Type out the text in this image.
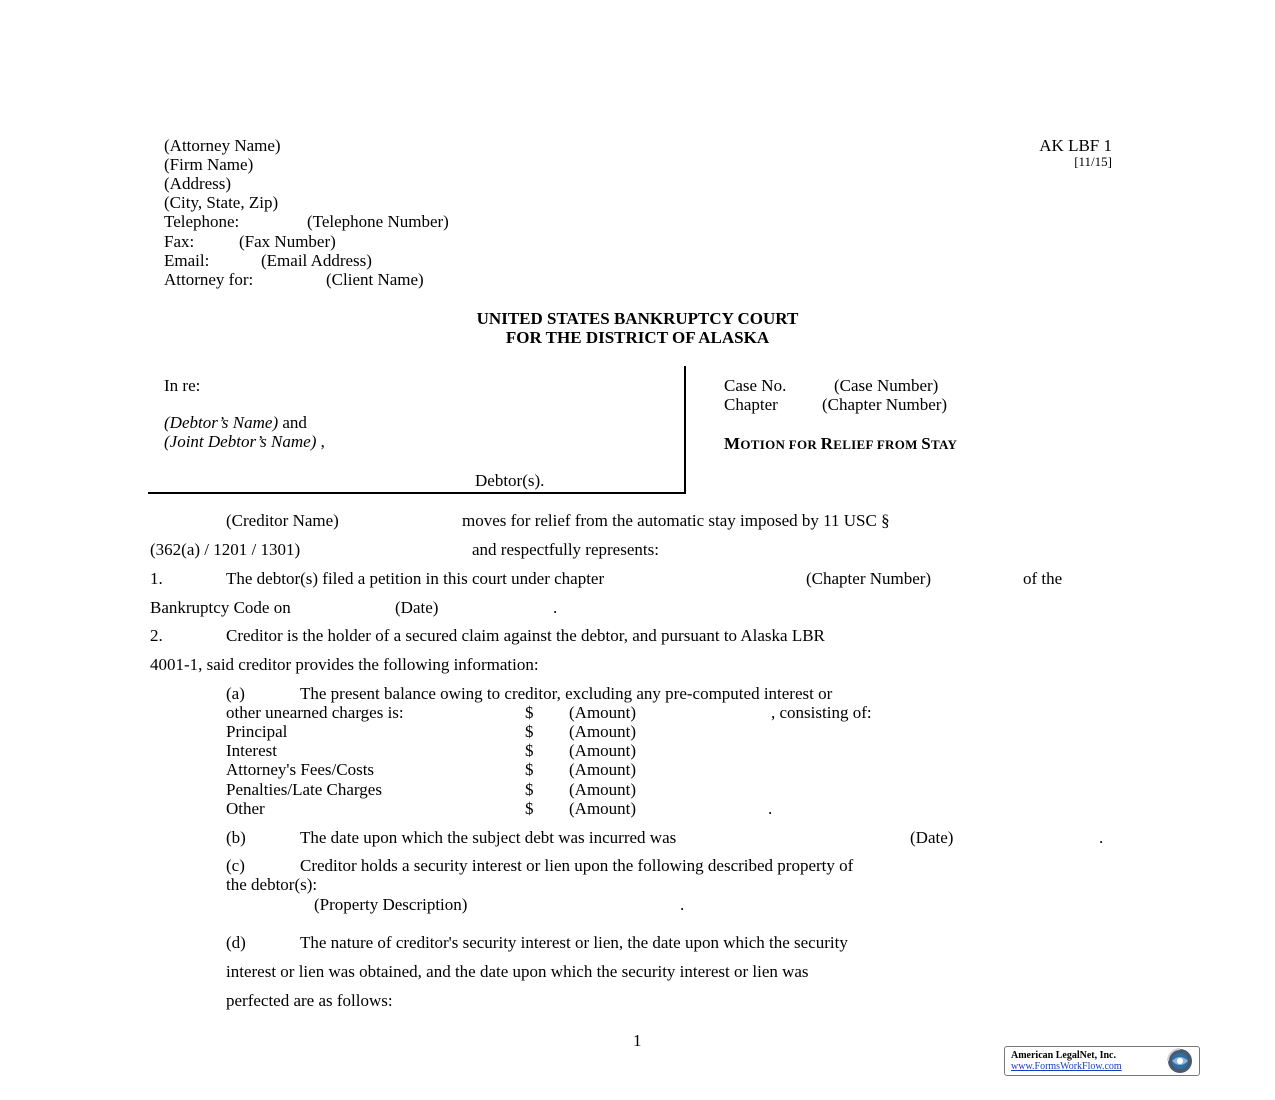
(Attorney Name)
(Firm Name)
(Address)
(City, State, Zip)
Telephone:	(Telephone Number)
Fax:	(Fax Number)
Email:	(Email Address)
Attorney for:	(Client Name)
AK LBF 1
[11/15]
UNITED STATES BANKRUPTCY COURT
FOR THE DISTRICT OF ALASKA
In re:
(Debtor’s Name) and
(Joint Debtor’s Name) ,
Debtor(s).
Case No.	(Case Number)
Chapter	(Chapter Number)
MOTION FOR RELIEF FROM STAY
(Creditor Name)	moves for relief from the automatic stay imposed by 11 USC §
(362(a) / 1201 / 1301)	and respectfully represents:
1.	The debtor(s) filed a petition in this court under chapter	(Chapter Number)	of the
Bankruptcy Code on	(Date)	.
2.	Creditor is the holder of a secured claim against the debtor, and pursuant to Alaska LBR
4001-1, said creditor provides the following information:
(a)	The present balance owing to creditor, excluding any pre-computed interest or
other unearned charges is:	$ (Amount)	, consisting of:
Principal	$ (Amount)
Interest	$ (Amount)
Attorney's Fees/Costs	$ (Amount)
Penalties/Late Charges	$ (Amount)
Other	$ (Amount)	.
(b)	The date upon which the subject debt was incurred was	(Date)	.
(c)	Creditor holds a security interest or lien upon the following described property of
the debtor(s):
(Property Description)	.
(d)	The nature of creditor's security interest or lien, the date upon which the security
interest or lien was obtained, and the date upon which the security interest or lien was
perfected are as follows:
1
American LegalNet, Inc.
www.FormsWorkFlow.com
